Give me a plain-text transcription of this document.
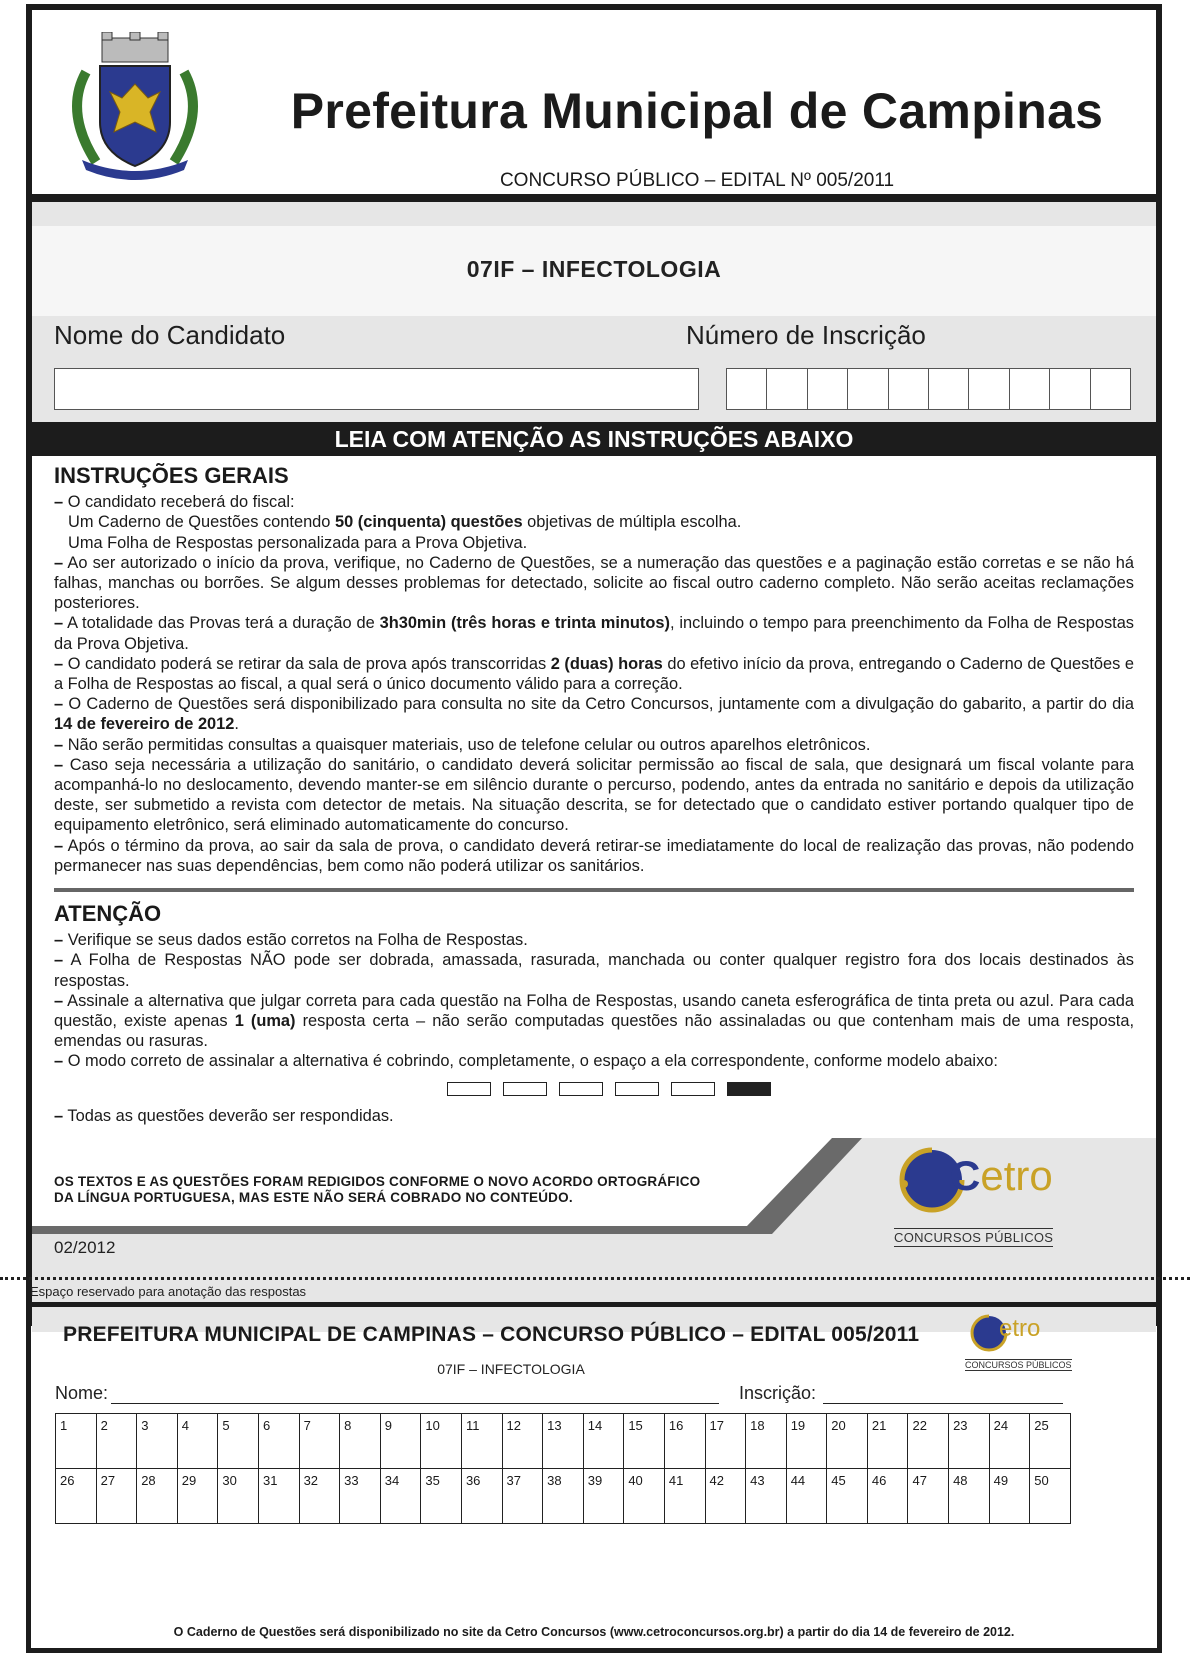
Prefeitura Municipal de Campinas
CONCURSO PÚBLICO – EDITAL Nº 005/2011
07IF – INFECTOLOGIA
Nome do Candidato	Número de Inscrição
LEIA COM ATENÇÃO AS INSTRUÇÕES ABAIXO
INSTRUÇÕES GERAIS

– O candidato receberá do fiscal:

Um Caderno de Questões contendo 50 (cinquenta) questões objetivas de múltipla escolha.

Uma Folha de Respostas personalizada para a Prova Objetiva.

– Ao ser autorizado o início da prova, verifique, no Caderno de Questões, se a numeração das questões e a paginação estão corretas e se não há falhas, manchas ou borrões. Se algum desses problemas for detectado, solicite ao fiscal outro caderno completo. Não serão aceitas reclamações posteriores.

– A totalidade das Provas terá a duração de 3h30min (três horas e trinta minutos), incluindo o tempo para preenchimento da Folha de Respostas da Prova Objetiva.

– O candidato poderá se retirar da sala de prova após transcorridas 2 (duas) horas do efetivo início da prova, entregando o Caderno de Questões e a Folha de Respostas ao fiscal, a qual será o único documento válido para a correção.

– O Caderno de Questões será disponibilizado para consulta no site da Cetro Concursos, juntamente com a divulgação do gabarito, a partir do dia 14 de fevereiro de 2012.

– Não serão permitidas consultas a quaisquer materiais, uso de telefone celular ou outros aparelhos eletrônicos.

– Caso seja necessária a utilização do sanitário, o candidato deverá solicitar permissão ao fiscal de sala, que designará um fiscal volante para acompanhá-lo no deslocamento, devendo manter-se em silêncio durante o percurso, podendo, antes da entrada no sanitário e depois da utilização deste, ser submetido a revista com detector de metais. Na situação descrita, se for detectado que o candidato estiver portando qualquer tipo de equipamento eletrônico, será eliminado automaticamente do concurso.

– Após o término da prova, ao sair da sala de prova, o candidato deverá retirar-se imediatamente do local de realização das provas, não podendo permanecer nas suas dependências, bem como não poderá utilizar os sanitários.

ATENÇÃO

– Verifique se seus dados estão corretos na Folha de Respostas.

– A Folha de Respostas NÃO pode ser dobrada, amassada, rasurada, manchada ou conter qualquer registro fora dos locais destinados às respostas.

– Assinale a alternativa que julgar correta para cada questão na Folha de Respostas, usando caneta esferográfica de tinta preta ou azul. Para cada questão, existe apenas 1 (uma) resposta certa – não serão computadas questões não assinaladas ou que contenham mais de uma resposta, emendas ou rasuras.

– O modo correto de assinalar a alternativa é cobrindo, completamente, o espaço a ela correspondente, conforme modelo abaixo:

– Todas as questões deverão ser respondidas.

OS TEXTOS E AS QUESTÕES FORAM REDIGIDOS CONFORME O NOVO ACORDO ORTOGRÁFICO
DA LÍNGUA PORTUGUESA, MAS ESTE NÃO SERÁ COBRADO NO CONTEÚDO.
02/2012
Cetro
CONCURSOS PÚBLICOS
Espaço reservado para anotação das respostas
PREFEITURA MUNICIPAL DE CAMPINAS – CONCURSO PÚBLICO – EDITAL 005/2011
07IF – INFECTOLOGIA
etro
CONCURSOS PÚBLICOS
Nome:	Inscrição:
1	2	3	4	5	6	7	8	9	10	11	12	13	14	15	16	17	18	19	20	21	22	23	24	25
26	27	28	29	30	31	32	33	34	35	36	37	38	39	40	41	42	43	44	45	46	47	48	49	50
O Caderno de Questões será disponibilizado no site da Cetro Concursos (www.cetroconcursos.org.br) a partir do dia 14 de fevereiro de 2012.
